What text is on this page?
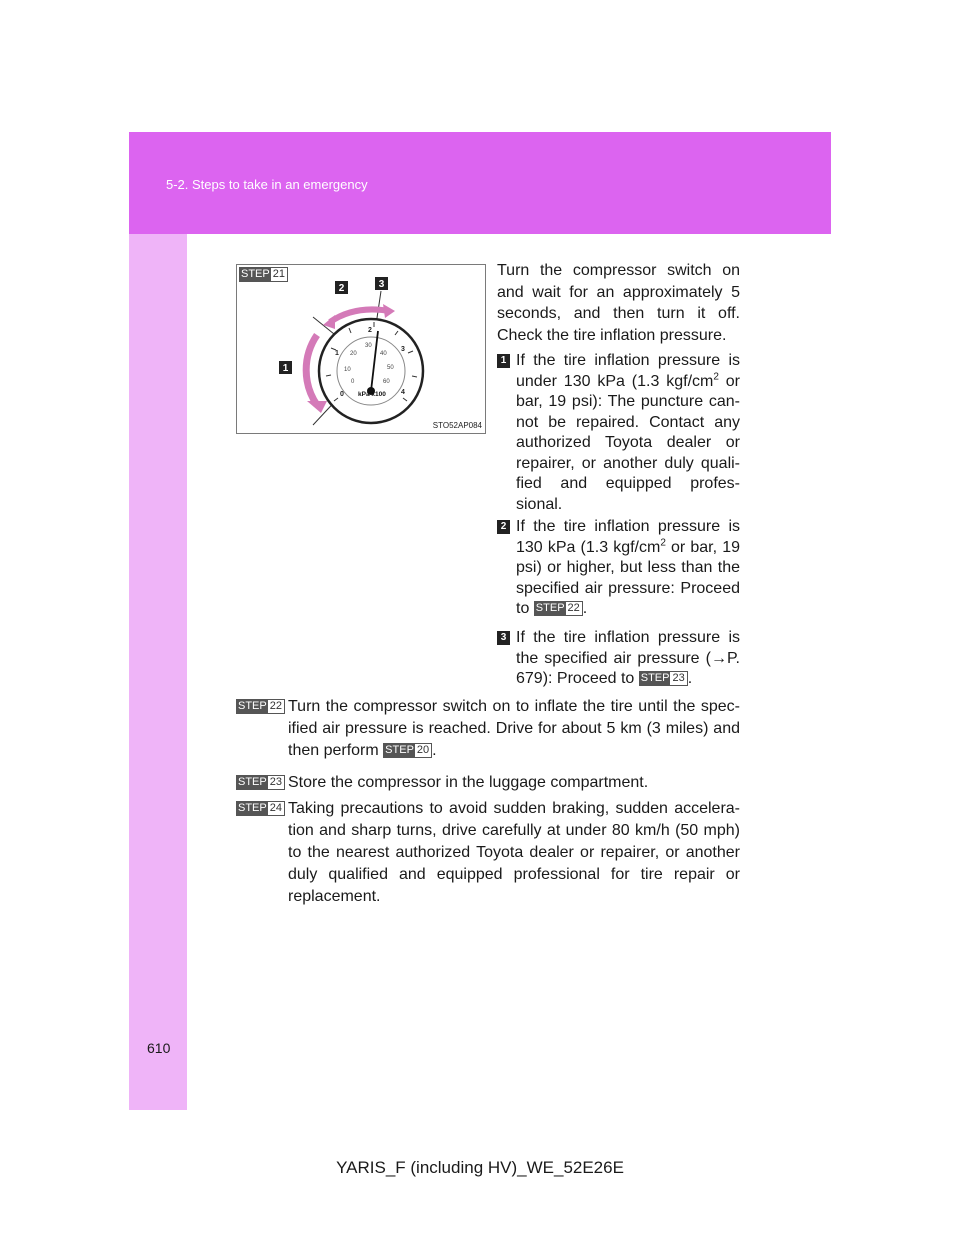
5-2. Steps to take in an emergency
STEP 21
0
1
2
3
4
0
10
20
30
40
50
60
kPa x100
1
2	3
STO52AP084
Turn the compressor switch on and wait for an approximately 5 seconds, and then turn it off. Check the tire inflation pressure.
1 If the tire inflation pressure is under 130 kPa (1.3 kgf/$cm^2$ or bar, 19 psi): The puncture can-not be repaired. Contact any authorized Toyota dealer or repairer, or another duly quali-fied and equipped profes-sional.
2 If the tire inflation pressure is 130 kPa (1.3 kgf/$cm^2$ or bar, 19 psi) or higher, but less than the specified air pressure: Proceed to STEP 22 .
3 If the tire inflation pressure is the specified air pressure (→P. 679): Proceed to STEP 23 .
STEP 22 Turn the compressor switch on to inflate the tire until the spec-ified air pressure is reached. Drive for about 5 km (3 miles) and then perform STEP 20 .
STEP 23 Store the compressor in the luggage compartment.
STEP 24 Taking precautions to avoid sudden braking, sudden accelera-tion and sharp turns, drive carefully at under 80 km/h (50 mph) to the nearest authorized Toyota dealer or repairer, or another duly qualified and equipped professional for tire repair or replacement.
610
YARIS_F (including HV)_WE_52E26E
